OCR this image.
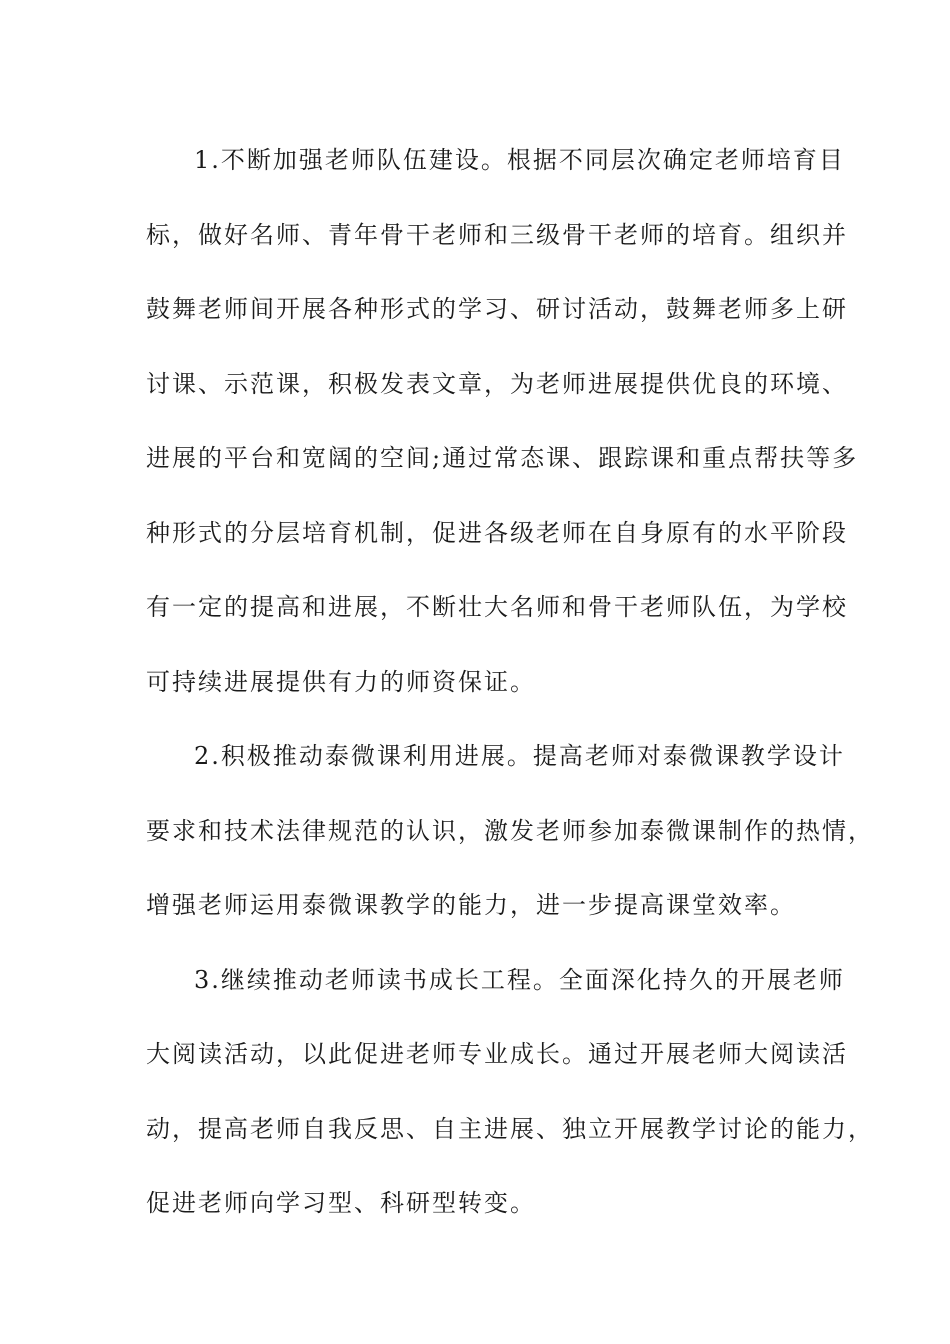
1.不断加强老师队伍建设。根据不同层次确定老师培育目
标，做好名师、青年骨干老师和三级骨干老师的培育。组织并
鼓舞老师间开展各种形式的学习、研讨活动，鼓舞老师多上研
讨课、示范课，积极发表文章，为老师进展提供优良的环境、
进展的平台和宽阔的空间;通过常态课、跟踪课和重点帮扶等多
种形式的分层培育机制，促进各级老师在自身原有的水平阶段
有一定的提高和进展，不断壮大名师和骨干老师队伍，为学校
可持续进展提供有力的师资保证。
2.积极推动泰微课利用进展。提高老师对泰微课教学设计
要求和技术法律规范的认识，激发老师参加泰微课制作的热情，
增强老师运用泰微课教学的能力，进一步提高课堂效率。
3.继续推动老师读书成长工程。全面深化持久的开展老师
大阅读活动，以此促进老师专业成长。通过开展老师大阅读活
动，提高老师自我反思、自主进展、独立开展教学讨论的能力，
促进老师向学习型、科研型转变。
